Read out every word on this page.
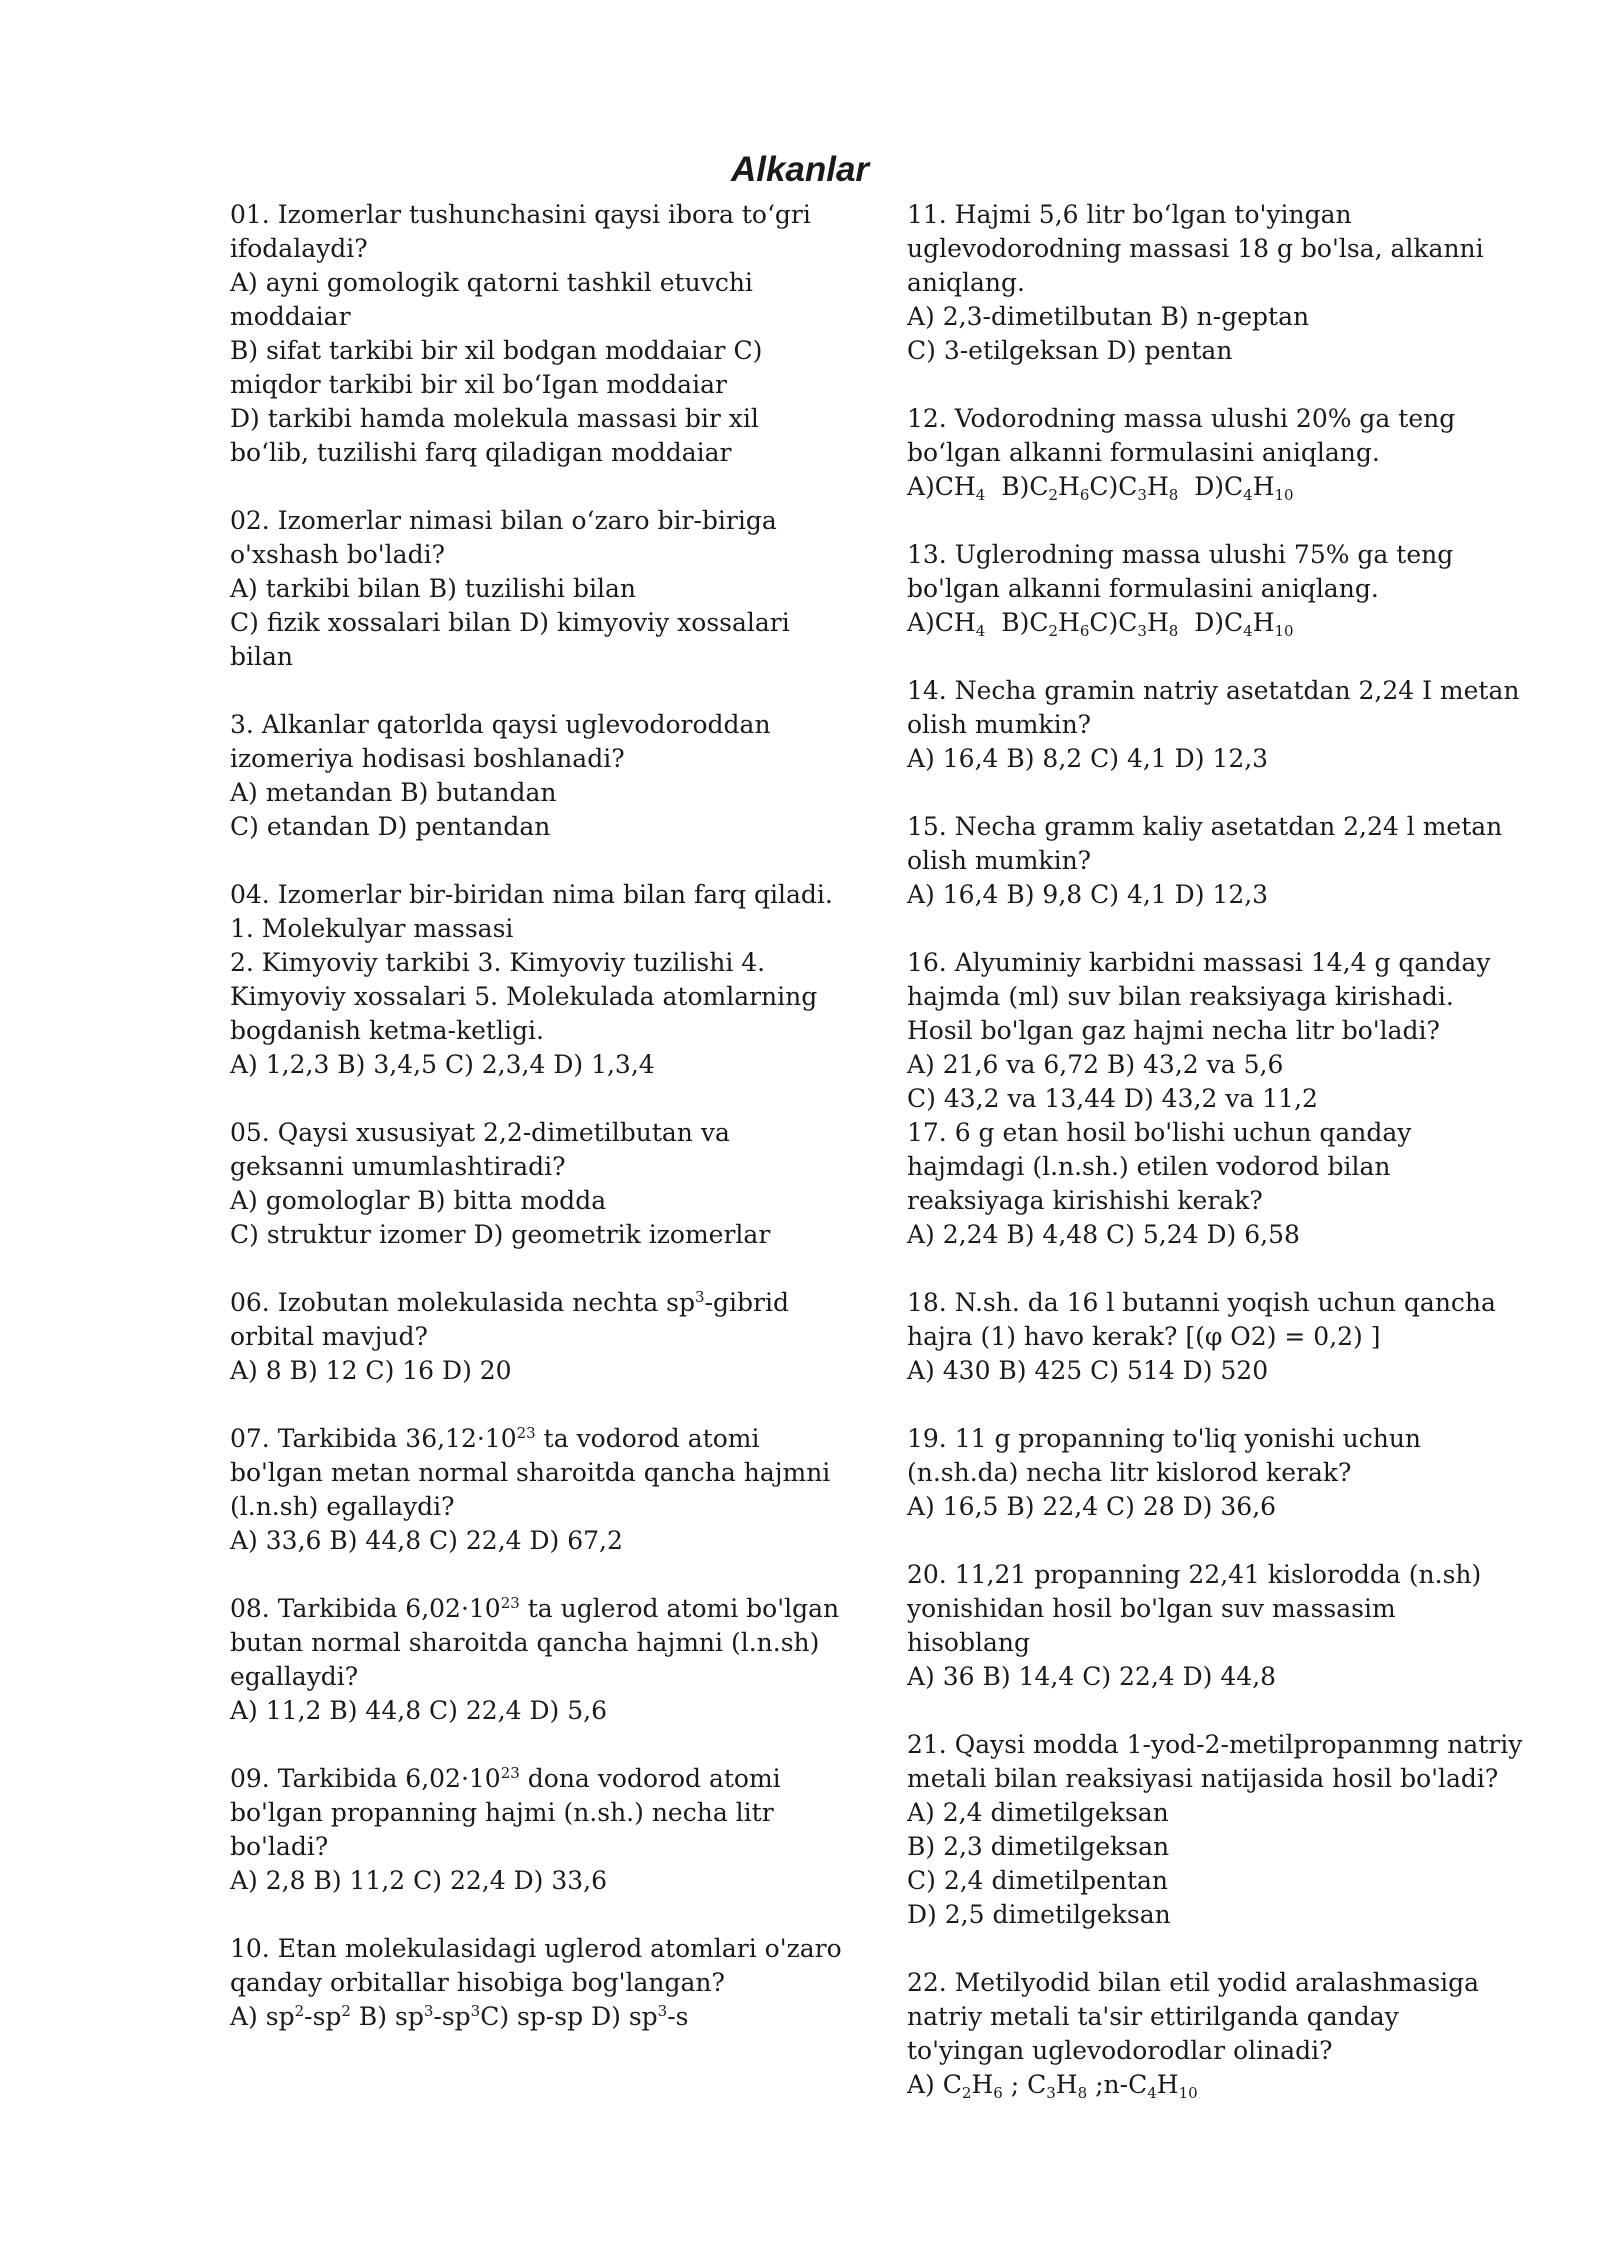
Alkanlar
01. Izomerlar tushunchasini qaysi ibora to‘gri
ifodalaydi?
A) ayni gomologik qatorni tashkil etuvchi
moddaiar
B) sifat tarkibi bir xil bodgan moddaiar C)
miqdor tarkibi bir xil bo‘Igan moddaiar
D) tarkibi hamda molekula massasi bir xil
bo‘lib, tuzilishi farq qiladigan moddaiar
02. Izomerlar nimasi bilan o‘zaro bir-biriga
o'xshash bo'ladi?
A) tarkibi bilan B) tuzilishi bilan
C) fizik xossalari bilan D) kimyoviy xossalari
bilan
3. Alkanlar qatorlda qaysi uglevodoroddan
izomeriya hodisasi boshlanadi?
A) metandan B) butandan
C) etandan D) pentandan
04. Izomerlar bir-biridan nima bilan farq qiladi.
1. Molekulyar massasi
2. Kimyoviy tarkibi 3. Kimyoviy tuzilishi 4.
Kimyoviy xossalari 5. Molekulada atomlarning
bogdanish ketma-ketligi.
A) 1,2,3 B) 3,4,5 C) 2,3,4 D) 1,3,4
05. Qaysi xususiyat 2,2-dimetilbutan va
geksanni umumlashtiradi?
A) gomologlar B) bitta modda
C) struktur izomer D) geometrik izomerlar
06. Izobutan molekulasida nechta $sp^3$-gibrid
orbital mavjud?
A) 8 B) 12 C) 16 D) 20
07. Tarkibida $36,12\cdot 10^{23}$ ta vodorod atomi
bo'lgan metan normal sharoitda qancha hajmni
(l.n.sh) egallaydi?
A) 33,6 B) 44,8 C) 22,4 D) 67,2
08. Tarkibida $6,02\cdot 10^{23}$ ta uglerod atomi bo'lgan
butan normal sharoitda qancha hajmni (l.n.sh)
egallaydi?
A) 11,2 B) 44,8 C) 22,4 D) 5,6
09. Tarkibida $6,02\cdot 10^{23}$ dona vodorod atomi
bo'lgan propanning hajmi (n.sh.) necha litr
bo'ladi?
A) 2,8 B) 11,2 C) 22,4 D) 33,6
10. Etan molekulasidagi uglerod atomlari o'zaro
qanday orbitallar hisobiga bog'langan?
A) $sp^2-sp^2$ B) $sp^3-sp^3C$) sp-sp D) $sp^3-s$
11. Hajmi 5,6 litr bo‘lgan to'yingan
uglevodorodning massasi 18 g bo'lsa, alkanni
aniqlang.
A) 2,3-dimetilbutan B) n-geptan
C) 3-etilgeksan D) pentan
12. Vodorodning massa ulushi 20% ga teng
bo‘lgan alkanni formulasini aniqlang.
$A)CH_4$ $B)C_2H_6C)C_3H_8$ $D)C_4H_{10}$
13. Uglerodning massa ulushi 75% ga teng
bo'lgan alkanni formulasini aniqlang.
$A)CH_4$ $B)C_2H_6C)C_3H_8$ $D)C_4H_{10}$
14. Necha gramin natriy asetatdan 2,24 I metan
olish mumkin?
A) 16,4 B) 8,2 C) 4,1 D) 12,3
15. Necha gramm kaliy asetatdan 2,24 l metan
olish mumkin?
A) 16,4 B) 9,8 C) 4,1 D) 12,3
16. Alyuminiy karbidni massasi 14,4 g qanday
hajmda (ml) suv bilan reaksiyaga kirishadi.
Hosil bo'lgan gaz hajmi necha litr bo'ladi?
A) 21,6 va 6,72 B) 43,2 va 5,6
C) 43,2 va 13,44 D) 43,2 va 11,2
17. 6 g etan hosil bo'lishi uchun qanday
hajmdagi (l.n.sh.) etilen vodorod bilan
reaksiyaga kirishishi kerak?
A) 2,24 B) 4,48 C) 5,24 D) 6,58
18. N.sh. da 16 l butanni yoqish uchun qancha
hajra (1) havo kerak? [(φ O2) = 0,2) ]
A) 430 B) 425 C) 514 D) 520
19. 11 g propanning to'liq yonishi uchun
(n.sh.da) necha litr kislorod kerak?
A) 16,5 B) 22,4 C) 28 D) 36,6
20. 11,21 propanning 22,41 kislorodda (n.sh)
yonishidan hosil bo'lgan suv massasim
hisoblang
A) 36 B) 14,4 C) 22,4 D) 44,8
21. Qaysi modda 1-yod-2-metilpropanmng natriy
metali bilan reaksiyasi natijasida hosil bo'ladi?
A) 2,4 dimetilgeksan
B) 2,3 dimetilgeksan
C) 2,4 dimetilpentan
D) 2,5 dimetilgeksan
22. Metilyodid bilan etil yodid aralashmasiga
natriy metali ta'sir ettirilganda qanday
to'yingan uglevodorodlar olinadi?
A) $C_2H_6$ ; $C_3H_8$ $;n-C_4H_{10}$
